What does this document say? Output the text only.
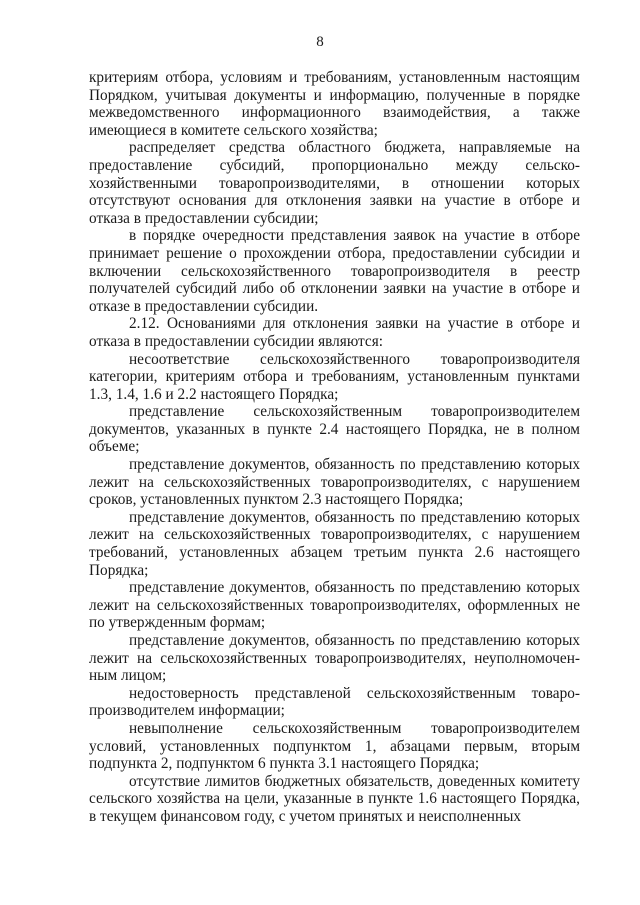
8

критериям отбора, условиям и требованиям, установленным настоящим Порядком, учитывая документы и информацию, полученные в порядке межведомственного информационного взаимодействия, а также имеющиеся в комитете сельского хозяйства;

распределяет средства областного бюджета, направляемые на предоставление субсидий, пропорционально между сельскохозяйственными товаропроизводителями, в отношении которых отсутствуют основания для отклонения заявки на участие в отборе и отказа в предоставлении субсидии;

в порядке очередности представления заявок на участие в отборе принимает решение о прохождении отбора, предоставлении субсидии и включении сельскохозяйственного товаропроизводителя в реестр получателей субсидий либо об отклонении заявки на участие в отборе и отказе в предоставлении субсидии.

2.12. Основаниями для отклонения заявки на участие в отборе и отказа в предоставлении субсидии являются:

несоответствие сельскохозяйственного товаропроизводителя категории, критериям отбора и требованиям, установленным пунктами 1.3, 1.4, 1.6 и 2.2 настоящего Порядка;

представление сельскохозяйственным товаропроизводителем документов, указанных в пункте 2.4 настоящего Порядка, не в полном объеме;

представление документов, обязанность по представлению которых лежит на сельскохозяйственных товаропроизводителях, с нарушением сроков, установленных пунктом 2.3 настоящего Порядка;

представление документов, обязанность по представлению которых лежит на сельскохозяйственных товаропроизводителях, с нарушением требований, установленных абзацем третьим пункта 2.6 настоящего Порядка;

представление документов, обязанность по представлению которых лежит на сельскохозяйственных товаропроизводителях, оформленных не по утвержденным формам;

представление документов, обязанность по представлению которых лежит на сельскохозяйственных товаропроизводителях, неуполномоченным лицом;

недостоверность представленой сельскохозяйственным товаропроизводителем информации;

невыполнение сельскохозяйственным товаропроизводителем условий, установленных подпунктом 1, абзацами первым, вторым подпункта 2, подпунктом 6 пункта 3.1 настоящего Порядка;

отсутствие лимитов бюджетных обязательств, доведенных комитету сельского хозяйства на цели, указанные в пункте 1.6 настоящего Порядка, в текущем финансовом году, с учетом принятых и неисполненных
